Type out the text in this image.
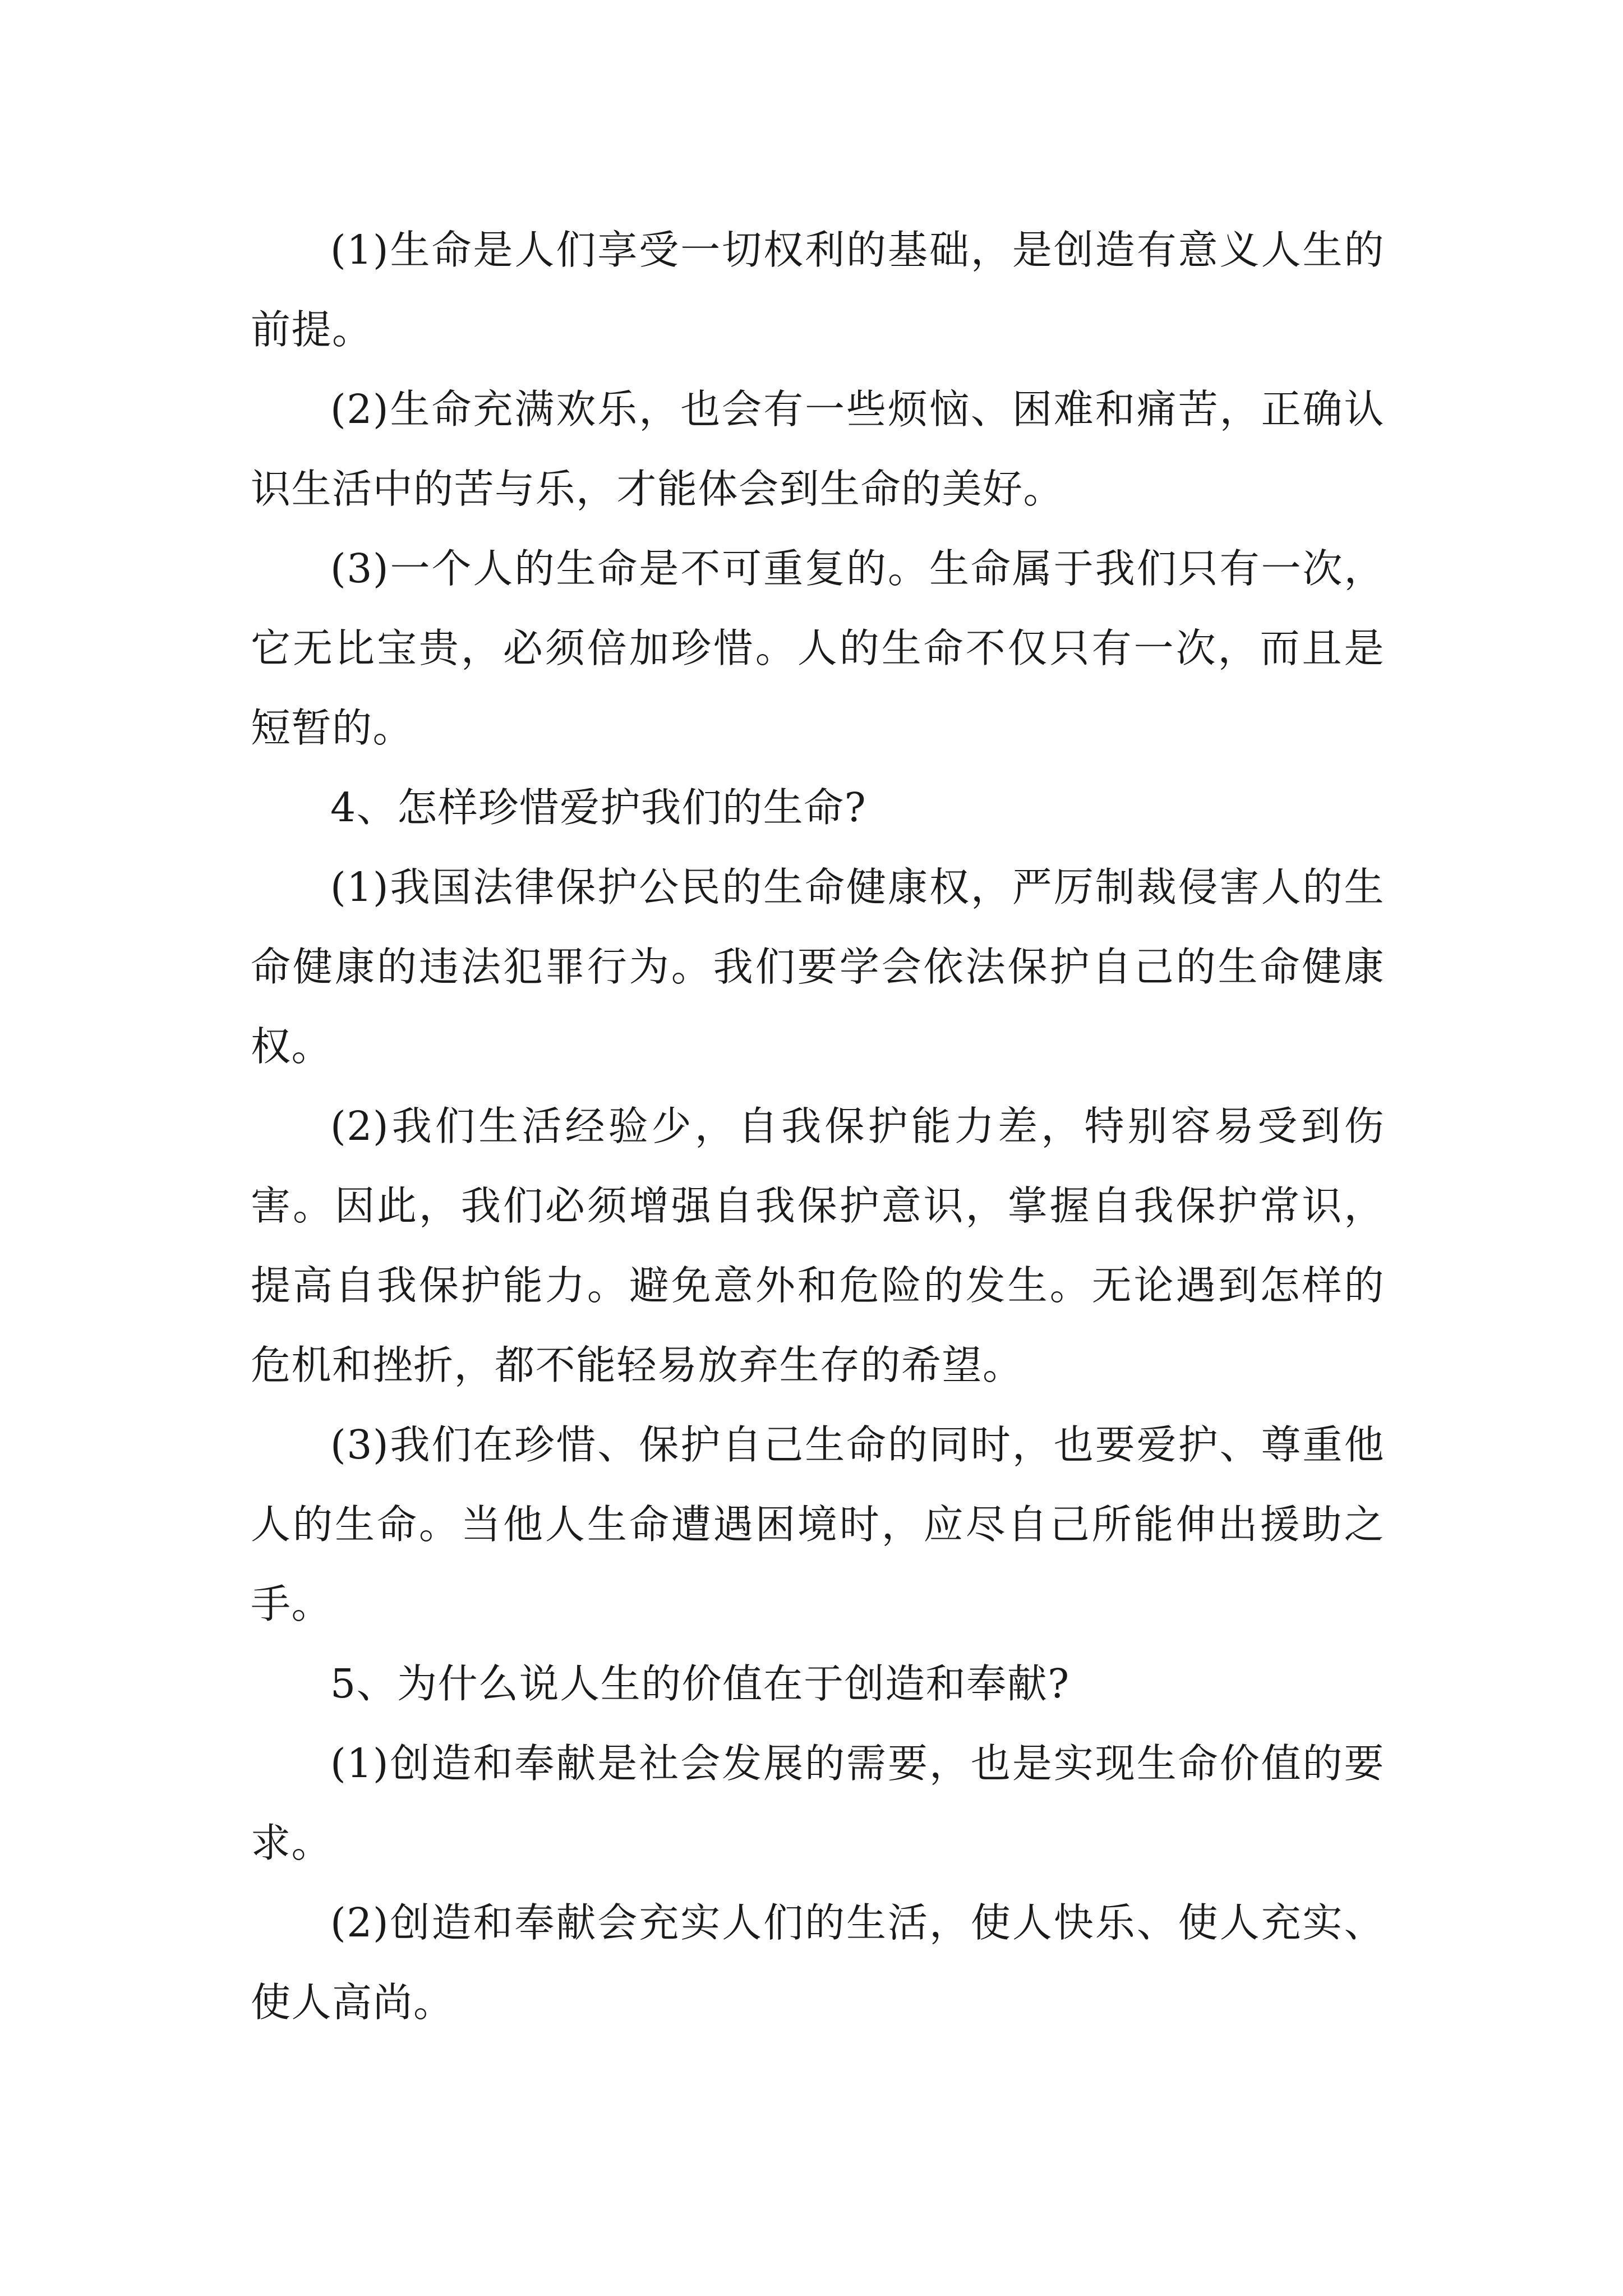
(1)生命是人们享受一切权利的基础，是创造有意义人生的前提。

(2)生命充满欢乐，也会有一些烦恼、困难和痛苦，正确认识生活中的苦与乐，才能体会到生命的美好。

(3)一个人的生命是不可重复的。生命属于我们只有一次，它无比宝贵，必须倍加珍惜。人的生命不仅只有一次，而且是短暂的。

4、怎样珍惜爱护我们的生命?

(1)我国法律保护公民的生命健康权，严厉制裁侵害人的生命健康的违法犯罪行为。我们要学会依法保护自己的生命健康权。

(2)我们生活经验少，自我保护能力差，特别容易受到伤害。因此，我们必须增强自我保护意识，掌握自我保护常识，提高自我保护能力。避免意外和危险的发生。无论遇到怎样的危机和挫折，都不能轻易放弃生存的希望。

(3)我们在珍惜、保护自己生命的同时，也要爱护、尊重他人的生命。当他人生命遭遇困境时，应尽自己所能伸出援助之手。

5、为什么说人生的价值在于创造和奉献?

(1)创造和奉献是社会发展的需要，也是实现生命价值的要求。

(2)创造和奉献会充实人们的生活，使人快乐、使人充实、使人高尚。
